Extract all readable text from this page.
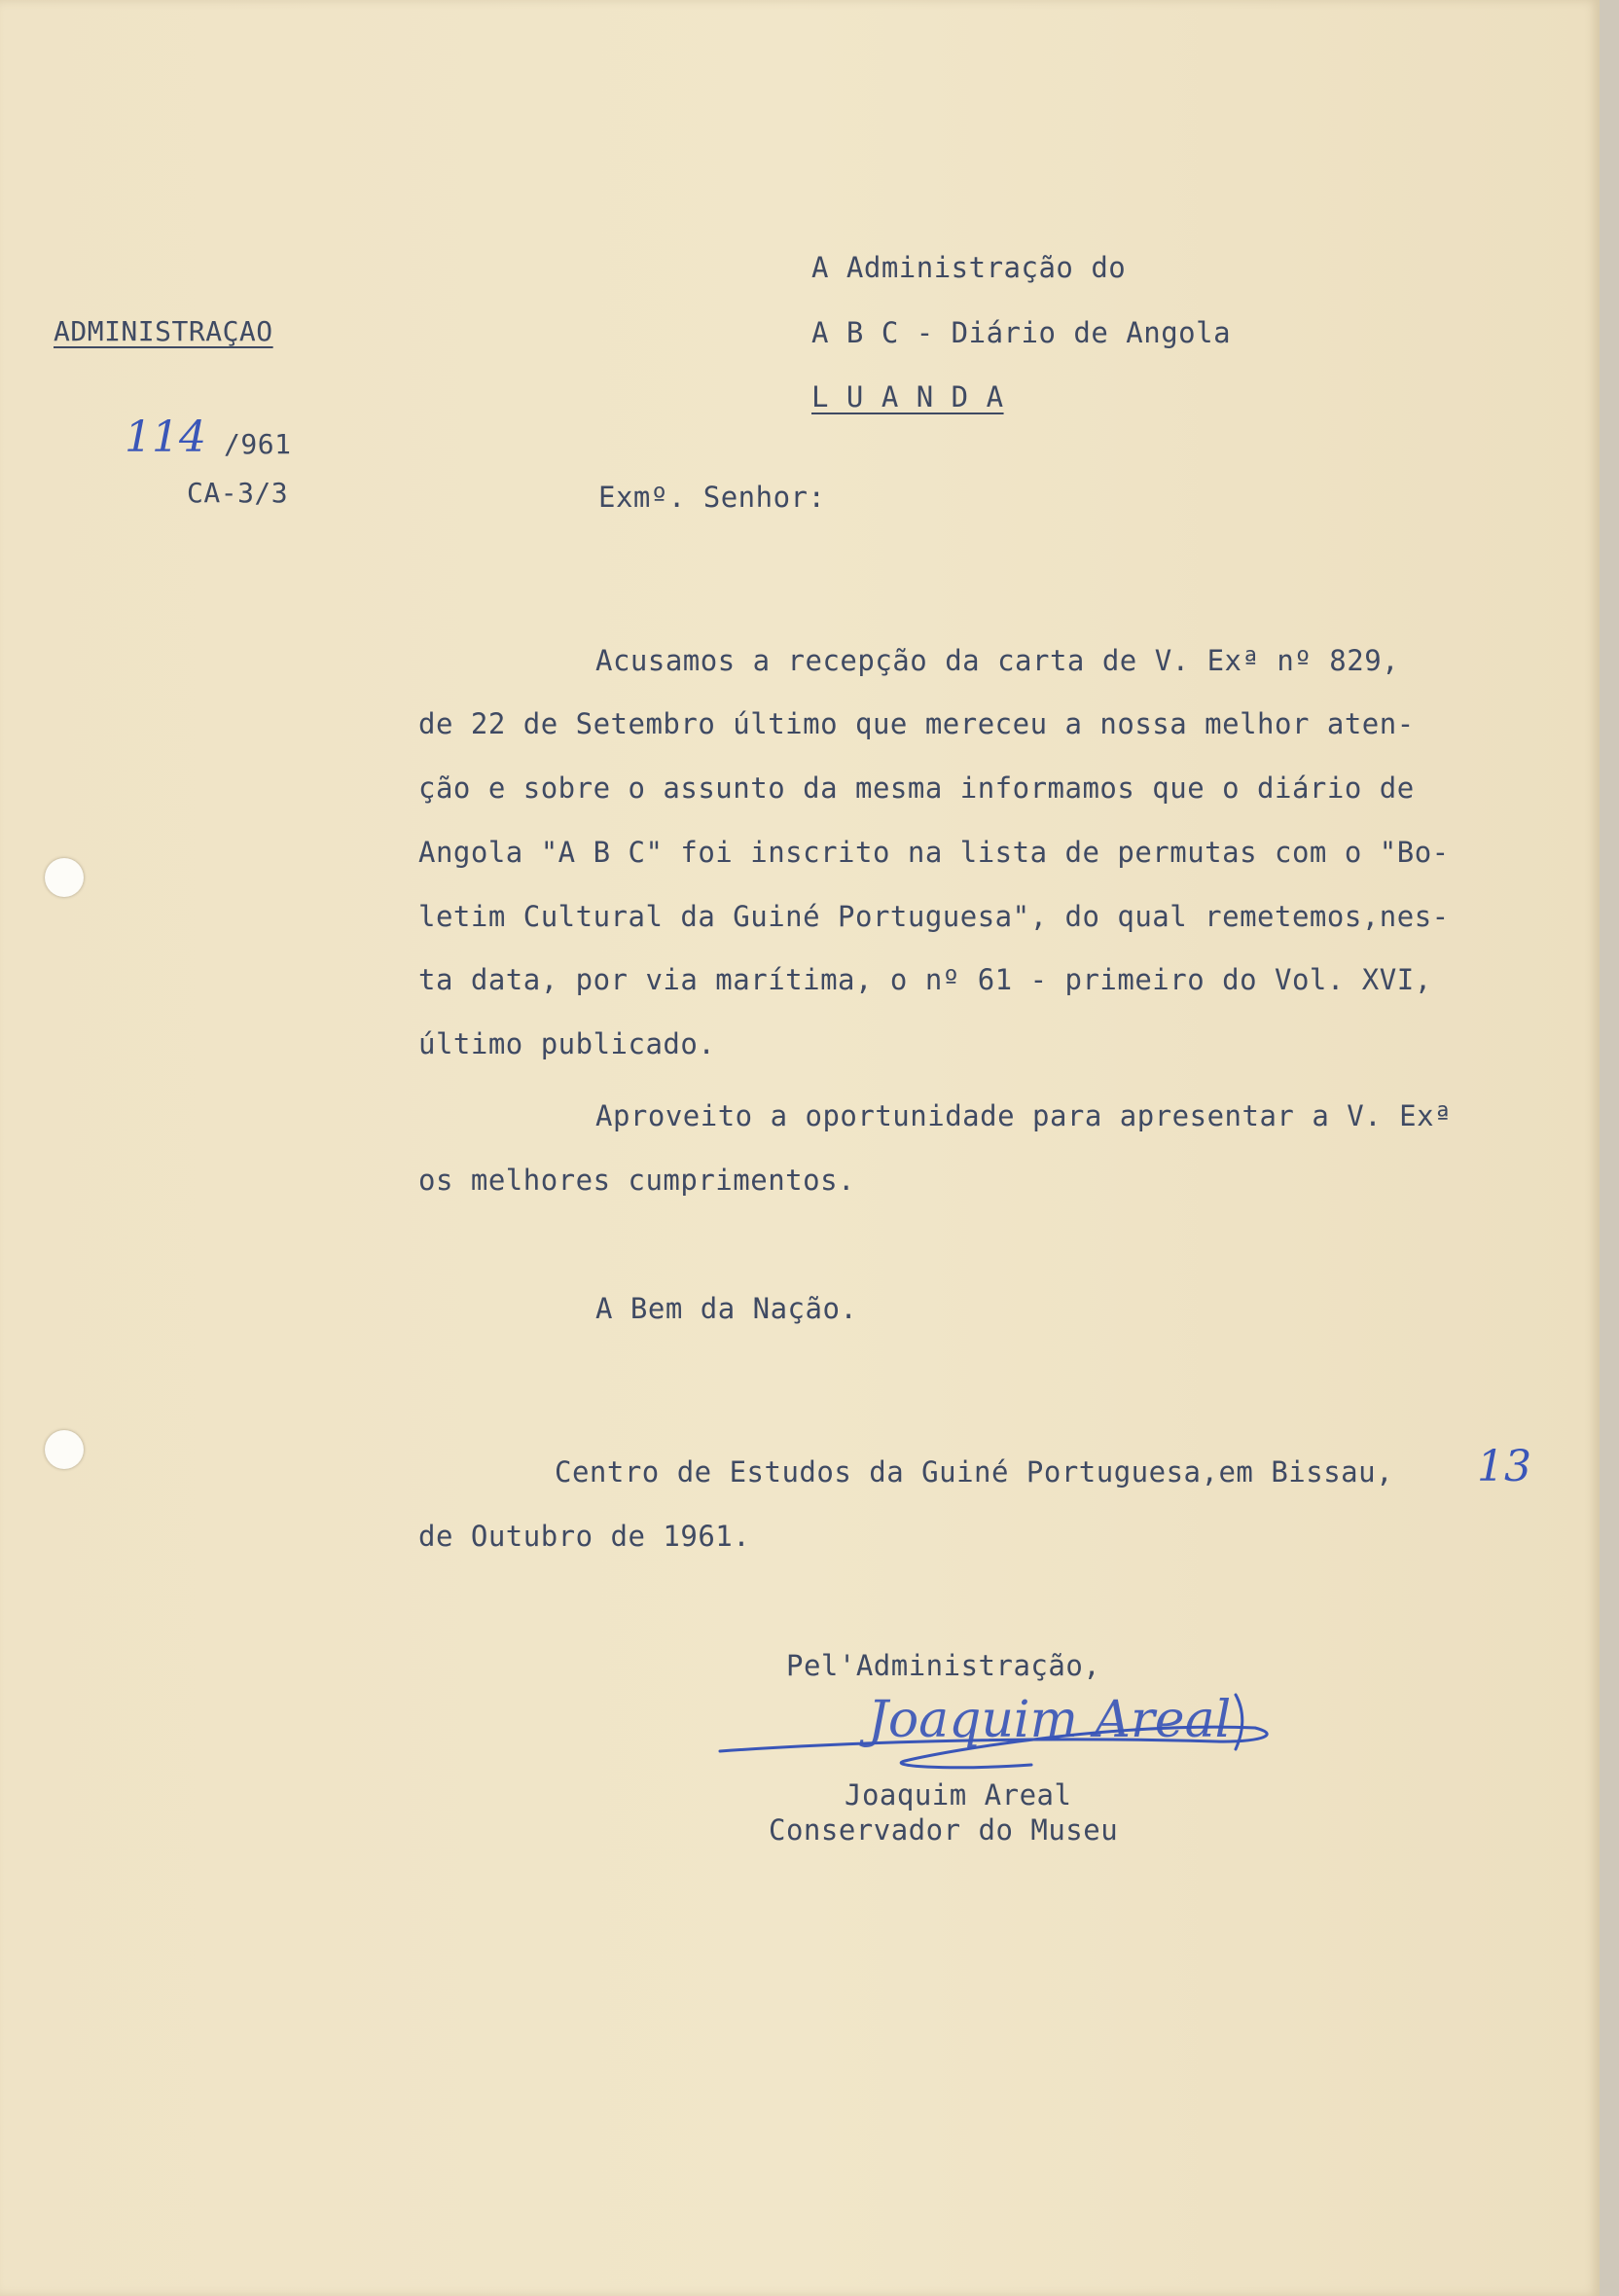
ADMINISTRAÇAO
114 /961
CA-3/3
A Administração do
A B C - Diário de Angola
L U A N D A
Exmº. Senhor:
Acusamos a recepção da carta de V. Exª nº 829,
de 22 de Setembro último que mereceu a nossa melhor aten-
ção e sobre o assunto da mesma informamos que o diário de
Angola "A B C" foi inscrito na lista de permutas com o "Bo-
letim Cultural da Guiné Portuguesa", do qual remetemos,nes-
ta data, por via marítima, o nº 61 - primeiro do Vol. XVI,
último publicado.
Aproveito a oportunidade para apresentar a V. Exª
os melhores cumprimentos.
A Bem da Nação.
Centro de Estudos da Guiné Portuguesa,em Bissau, 13
de Outubro de 1961.
Pel'Administração,
Joaquim Areal
Joaquim Areal
Conservador do Museu
